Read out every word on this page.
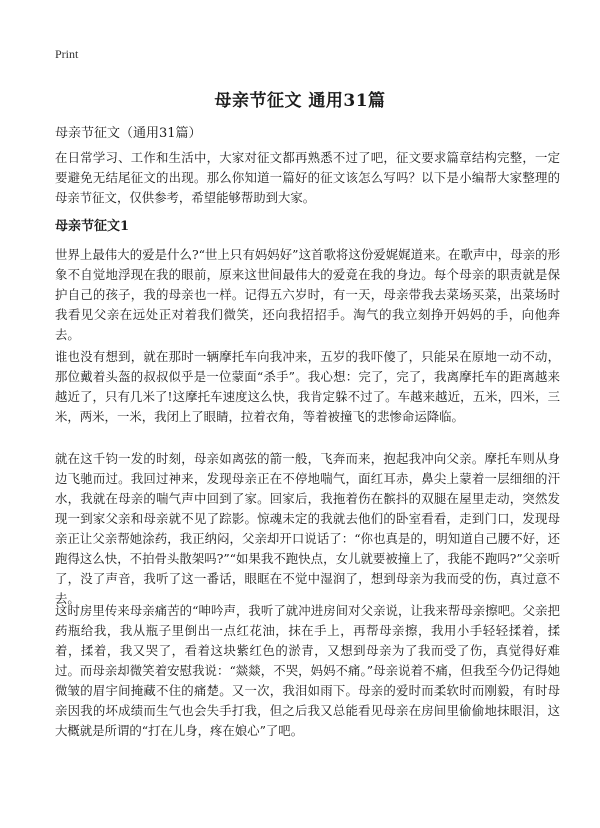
Print
母亲节征文 通用31篇
母亲节征文（通用31篇）

在日常学习、工作和生活中，大家对征文都再熟悉不过了吧，征文要求篇章结构完整，一定要避免无结尾征文的出现。那么你知道一篇好的征文该怎么写吗？以下是小编帮大家整理的母亲节征文，仅供参考，希望能够帮助到大家。

母亲节征文1

世界上最伟大的爱是什么?“世上只有妈妈好”这首歌将这份爱娓娓道来。在歌声中，母亲的形象不自觉地浮现在我的眼前，原来这世间最伟大的爱竟在我的身边。每个母亲的职责就是保护自己的孩子，我的母亲也一样。记得五六岁时，有一天，母亲带我去菜场买菜，出菜场时我看见父亲在远处正对着我们微笑，还向我招招手。淘气的我立刻挣开妈妈的手，向他奔去。

谁也没有想到，就在那时一辆摩托车向我冲来，五岁的我吓傻了，只能呆在原地一动不动，那位戴着头盔的叔叔似乎是一位蒙面“杀手”。我心想：完了，完了，我离摩托车的距离越来越近了，只有几米了!这摩托车速度这么快，我肯定躲不过了。车越来越近，五米，四米，三米，两米，一米，我闭上了眼睛，拉着衣角，等着被撞飞的悲惨命运降临。

就在这千钧一发的时刻，母亲如离弦的箭一般，飞奔而来，抱起我冲向父亲。摩托车则从身边飞驰而过。我回过神来，发现母亲正在不停地喘气，面红耳赤，鼻尖上蒙着一层细细的汗水，我就在母亲的喘气声中回到了家。回家后，我拖着伤在髌抖的双腿在屋里走动，突然发现一到家父亲和母亲就不见了踪影。惊魂未定的我就去他们的卧室看看，走到门口，发现母亲正让父亲帮她涂药，我正纳闷，父亲却开口说话了：“你也真是的，明知道自己腰不好，还跑得这么快，不拍骨头散架吗?”“如果我不跑快点，女儿就要被撞上了，我能不跑吗?”父亲听了，没了声音，我听了这一番话，眼眶在不觉中湿润了，想到母亲为我而受的伤，真过意不去。

这时房里传来母亲痛苦的“呻吟声，我听了就冲进房间对父亲说，让我来帮母亲擦吧。父亲把药瓶给我，我从瓶子里倒出一点红花油，抹在手上，再帮母亲擦，我用小手轻轻揉着，揉着，揉着，我又哭了，看着这块紫红色的淤青，又想到母亲为了我而受了伤，真觉得好难过。而母亲却微笑着安慰我说：“燚燚，不哭，妈妈不痛。”母亲说着不痛，但我至今仍记得她微皱的眉宇间掩藏不住的痛楚。又一次，我泪如雨下。母亲的爱时而柔软时而刚毅，有时母亲因我的坏成绩而生气也会失手打我，但之后我又总能看见母亲在房间里偷偷地抹眼泪，这大概就是所谓的“打在儿身，疼在娘心”了吧。
